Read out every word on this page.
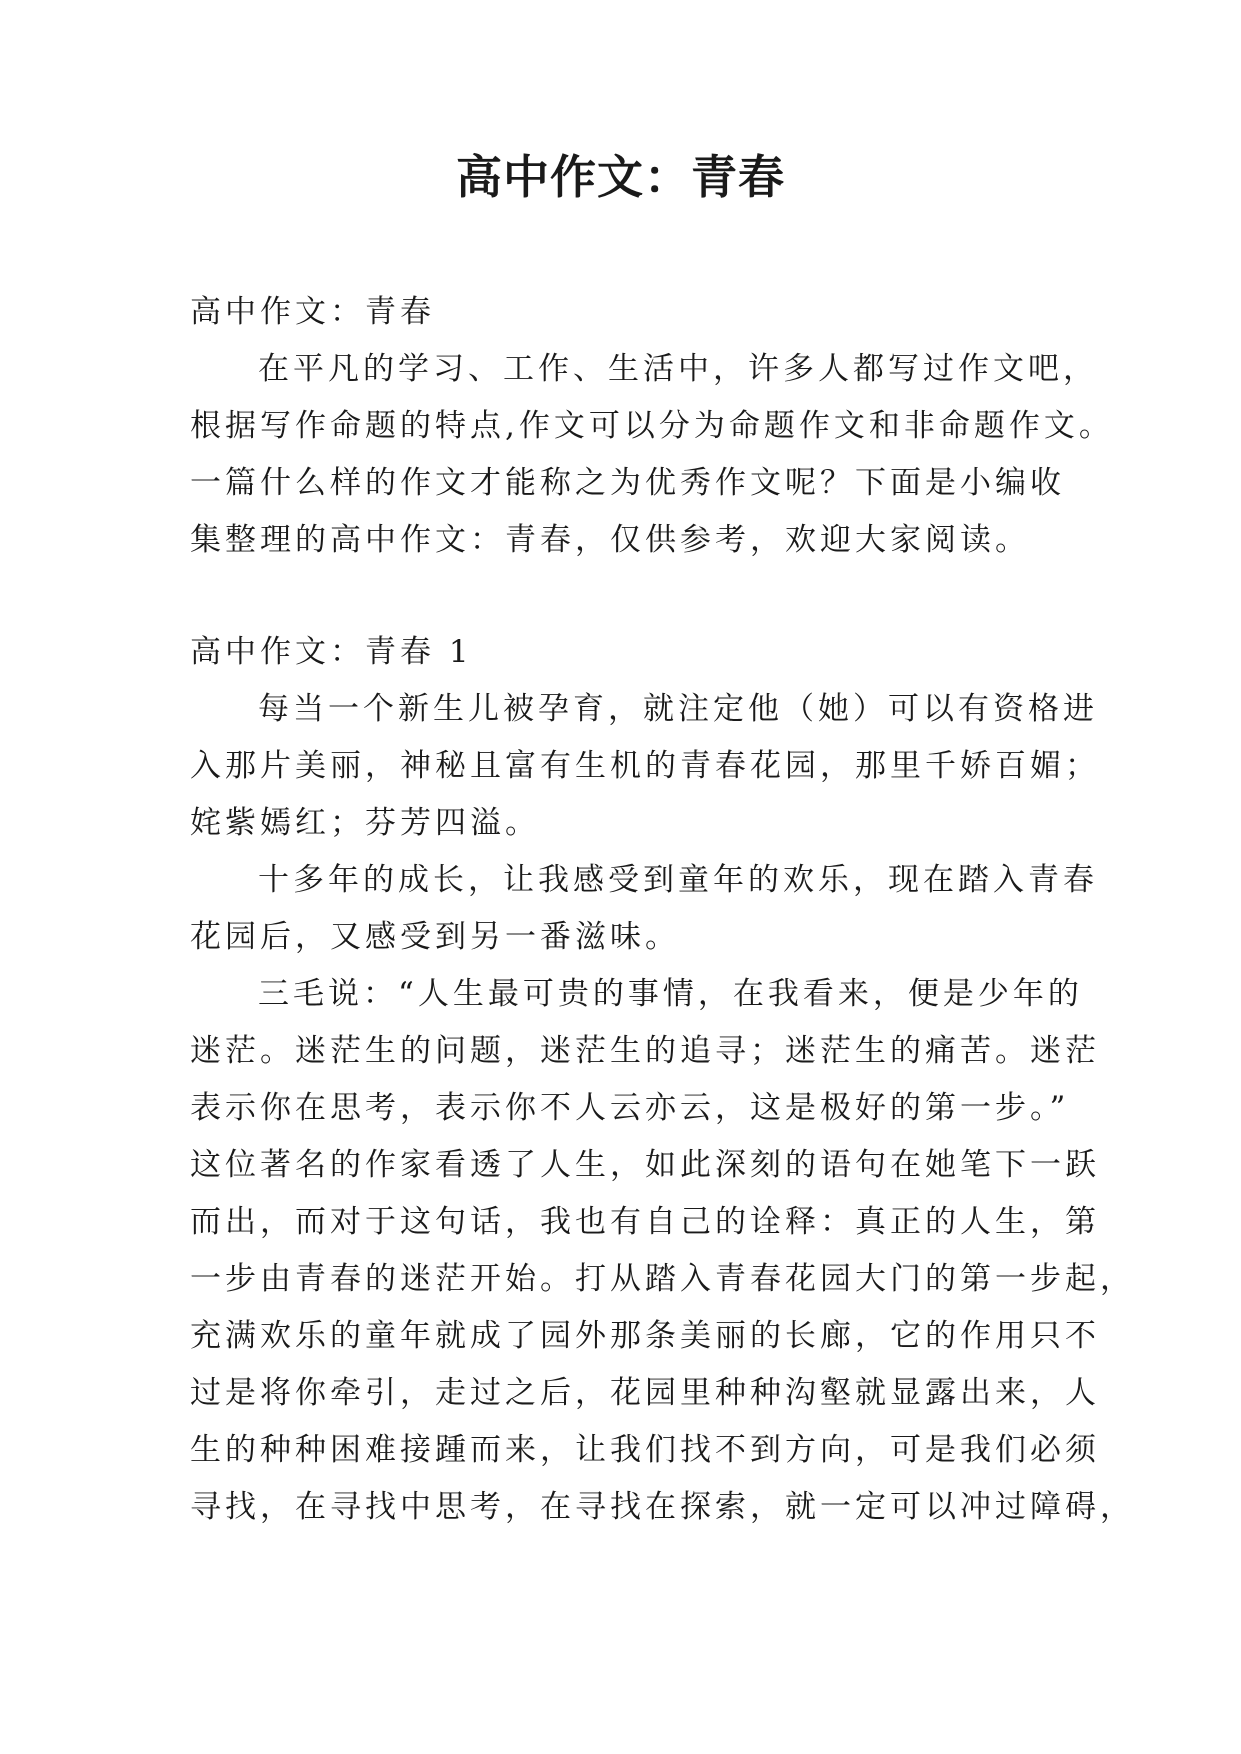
高中作文：青春
高中作文：青春
在平凡的学习、工作、生活中，许多人都写过作文吧，
根据写作命题的特点,作文可以分为命题作文和非命题作文。
一篇什么样的作文才能称之为优秀作文呢？下面是小编收
集整理的高中作文：青春，仅供参考，欢迎大家阅读。
高中作文：青春 1
每当一个新生儿被孕育，就注定他（她）可以有资格进
入那片美丽，神秘且富有生机的青春花园，那里千娇百媚；
姹紫嫣红；芬芳四溢。
十多年的成长，让我感受到童年的欢乐，现在踏入青春
花园后，又感受到另一番滋味。
三毛说：“人生最可贵的事情，在我看来，便是少年的
迷茫。迷茫生的问题，迷茫生的追寻；迷茫生的痛苦。迷茫
表示你在思考，表示你不人云亦云，这是极好的第一步。”
这位著名的作家看透了人生，如此深刻的语句在她笔下一跃
而出，而对于这句话，我也有自己的诠释：真正的人生，第
一步由青春的迷茫开始。打从踏入青春花园大门的第一步起，
充满欢乐的童年就成了园外那条美丽的长廊，它的作用只不
过是将你牵引，走过之后，花园里种种沟壑就显露出来，人
生的种种困难接踵而来，让我们找不到方向，可是我们必须
寻找，在寻找中思考，在寻找在探索，就一定可以冲过障碍，
